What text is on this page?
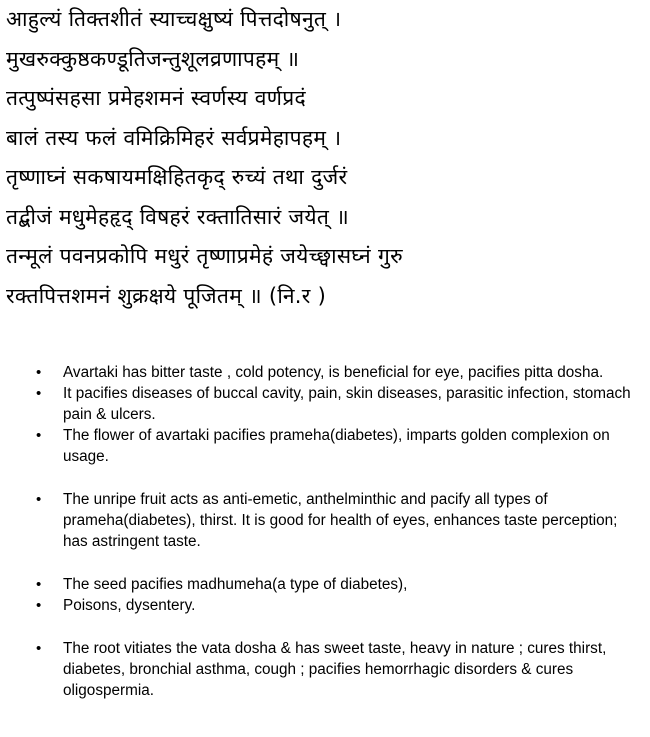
आहुल्यं तिक्तशीतं स्याच्चक्षुष्यं पित्तदोषनुत् ।
मुखरुक्कुष्ठकण्डूतिजन्तुशूलव्रणापहम् ॥
तत्पुष्पंसहसा प्रमेहशमनं स्वर्णस्य वर्णप्रदं
बालं तस्य फलं वमिक्रिमिहरं सर्वप्रमेहापहम् ।
तृष्णाघ्नं सकषायमक्षिहितकृद् रुच्यं तथा दुर्जरं
तद्बीजं मधुमेहहृद् विषहरं रक्तातिसारं जयेत् ॥
तन्मूलं पवनप्रकोपि मधुरं तृष्णाप्रमेहं जयेच्छ्वासघ्नं गुरु
रक्तपित्तशमनं शुक्रक्षये पूजितम् ॥ (नि.र )
• Avartaki has bitter taste , cold potency, is beneficial for eye, pacifies pitta dosha.
• It pacifies diseases of buccal cavity, pain, skin diseases, parasitic infection, stomach pain & ulcers.
• The flower of avartaki pacifies prameha(diabetes), imparts golden complexion on usage.
• The unripe fruit acts as anti-emetic, anthelminthic and pacify all types of prameha(diabetes), thirst. It is good for health of eyes, enhances taste perception; has astringent taste.
• The seed pacifies madhumeha(a type of diabetes),
• Poisons, dysentery.
• The root vitiates the vata dosha & has sweet taste, heavy in nature ; cures thirst, diabetes, bronchial asthma, cough ; pacifies hemorrhagic disorders & cures oligospermia.
